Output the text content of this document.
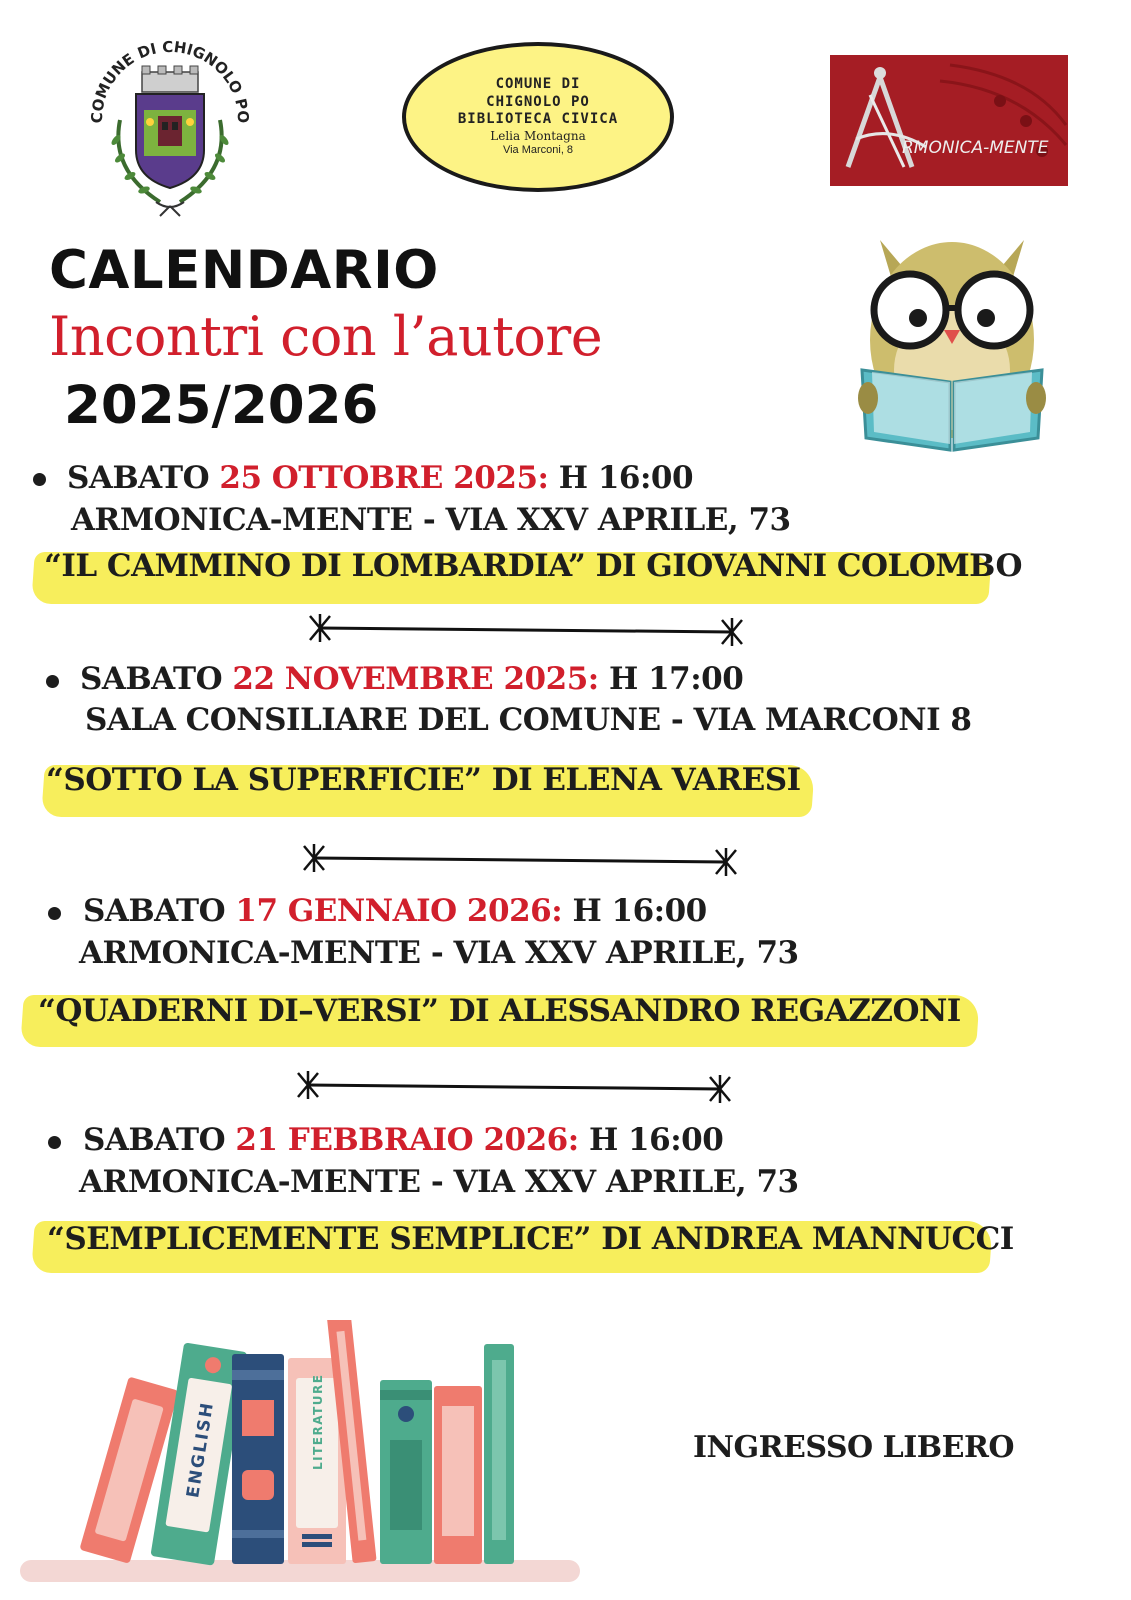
COMUNE DI CHIGNOLO PO
COMUNE DI
CHIGNOLO PO
BIBLIOTECA CIVICA
Lelia Montagna
Via Marconi, 8	RMONICA-MENTE
CALENDARIO
Incontri con l’autore
2025/2026
SABATO 25 OTTOBRE 2025: H 16:00
ARMONICA-MENTE - VIA XXV APRILE, 73
“IL CAMMINO DI LOMBARDIA” DI GIOVANNI COLOMBO
SABATO 22 NOVEMBRE 2025: H 17:00
SALA CONSILIARE DEL COMUNE - VIA MARCONI 8
“SOTTO LA SUPERFICIE” DI ELENA VARESI
SABATO 17 GENNAIO 2026: H 16:00
ARMONICA-MENTE - VIA XXV APRILE, 73
“QUADERNI DI–VERSI” DI ALESSANDRO REGAZZONI
SABATO 21 FEBBRAIO 2026: H 16:00
ARMONICA-MENTE - VIA XXV APRILE, 73
“SEMPLICEMENTE SEMPLICE” DI ANDREA MANNUCCI
INGRESSO LIBERO
ENGLISH	LITERATURE
